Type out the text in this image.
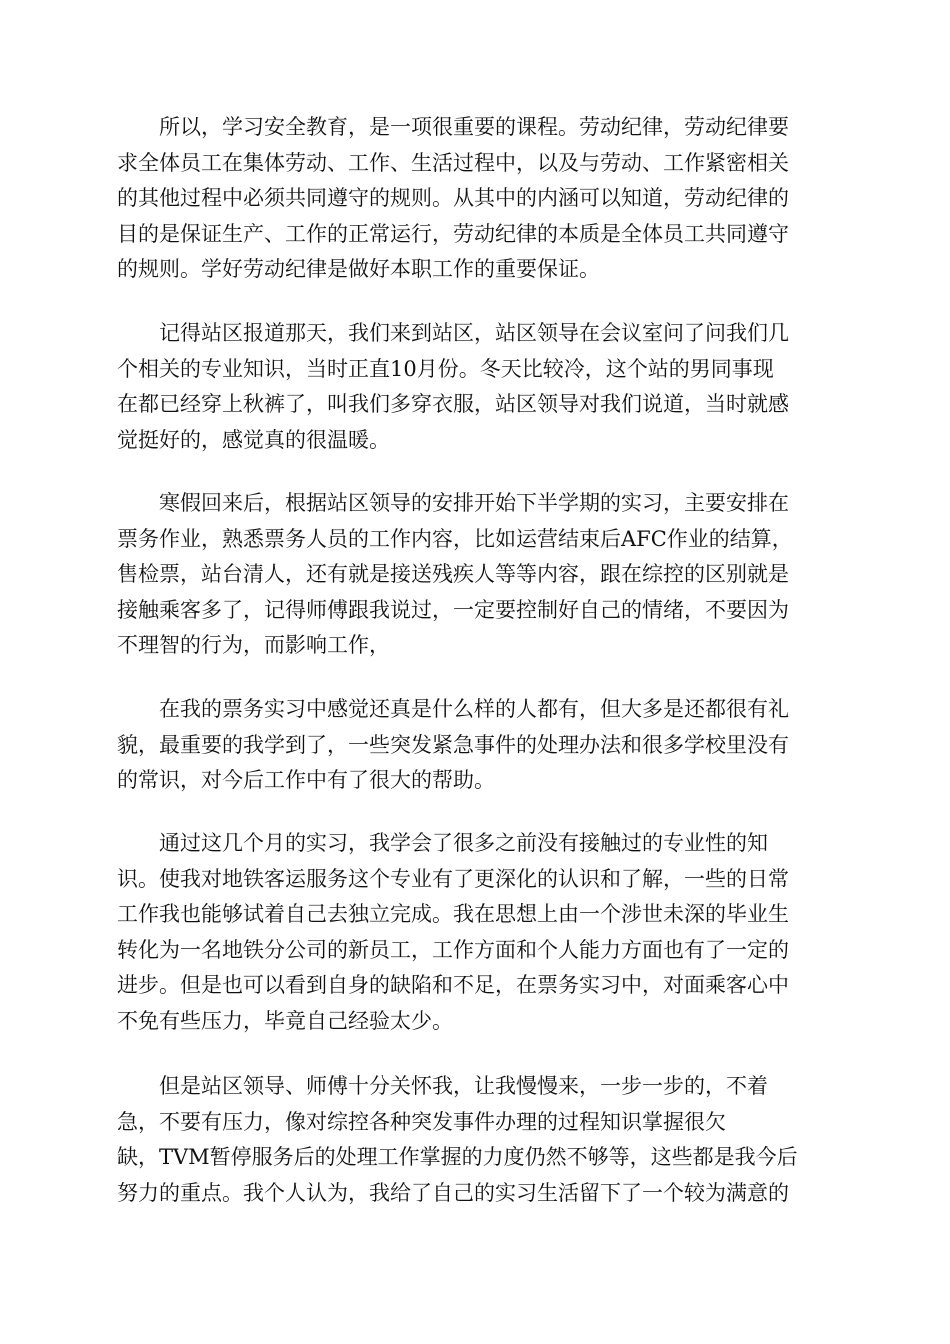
所以，学习安全教育，是一项很重要的课程。劳动纪律，劳动纪律要
求全体员工在集体劳动、工作、生活过程中，以及与劳动、工作紧密相关
的其他过程中必须共同遵守的规则。从其中的内涵可以知道，劳动纪律的
目的是保证生产、工作的正常运行，劳动纪律的本质是全体员工共同遵守
的规则。学好劳动纪律是做好本职工作的重要保证。
记得站区报道那天，我们来到站区，站区领导在会议室问了问我们几
个相关的专业知识，当时正直10月份。冬天比较冷，这个站的男同事现
在都已经穿上秋裤了，叫我们多穿衣服，站区领导对我们说道，当时就感
觉挺好的，感觉真的很温暖。
寒假回来后，根据站区领导的安排开始下半学期的实习，主要安排在
票务作业，熟悉票务人员的工作内容，比如运营结束后AFC作业的结算，
售检票，站台清人，还有就是接送残疾人等等内容，跟在综控的区别就是
接触乘客多了，记得师傅跟我说过，一定要控制好自己的情绪，不要因为
不理智的行为，而影响工作，
在我的票务实习中感觉还真是什么样的人都有，但大多是还都很有礼
貌，最重要的我学到了，一些突发紧急事件的处理办法和很多学校里没有
的常识，对今后工作中有了很大的帮助。
通过这几个月的实习，我学会了很多之前没有接触过的专业性的知
识。使我对地铁客运服务这个专业有了更深化的认识和了解，一些的日常
工作我也能够试着自己去独立完成。我在思想上由一个涉世未深的毕业生
转化为一名地铁分公司的新员工，工作方面和个人能力方面也有了一定的
进步。但是也可以看到自身的缺陷和不足，在票务实习中，对面乘客心中
不免有些压力，毕竟自己经验太少。
但是站区领导、师傅十分关怀我，让我慢慢来，一步一步的，不着
急，不要有压力，像对综控各种突发事件办理的过程知识掌握很欠
缺，TVM暂停服务后的处理工作掌握的力度仍然不够等，这些都是我今后
努力的重点。我个人认为，我给了自己的实习生活留下了一个较为满意的
